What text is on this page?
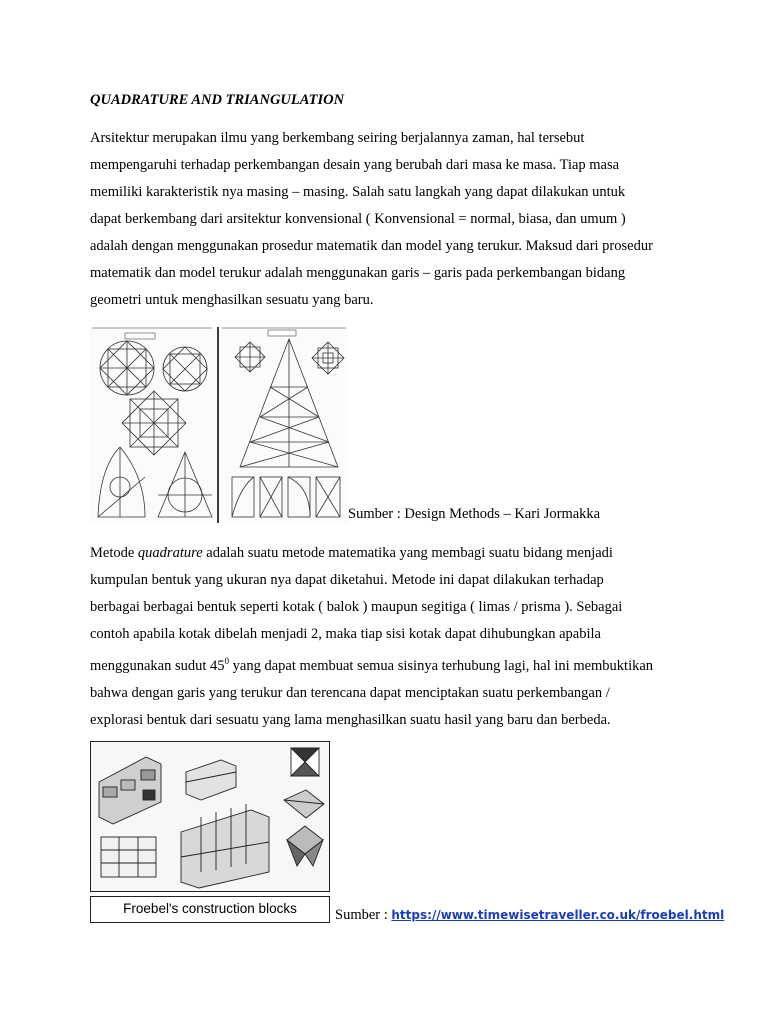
QUADRATURE AND TRIANGULATION

Arsitektur merupakan ilmu yang berkembang seiring berjalannya zaman, hal tersebut

mempengaruhi terhadap perkembangan desain yang berubah dari masa ke masa. Tiap masa

memiliki karakteristik nya masing – masing. Salah satu langkah yang dapat dilakukan untuk

dapat berkembang dari arsitektur konvensional ( Konvensional = normal, biasa, dan umum )

adalah dengan menggunakan prosedur matematik dan model yang terukur. Maksud dari prosedur

matematik dan model terukur adalah menggunakan garis – garis pada perkembangan bidang

geometri untuk menghasilkan sesuatu yang baru.

Sumber : Design Methods – Kari Jormakka

Metode quadrature adalah suatu metode matematika yang membagi suatu bidang menjadi

kumpulan bentuk yang ukuran nya dapat diketahui. Metode ini dapat dilakukan terhadap

berbagai berbagai bentuk seperti kotak ( balok ) maupun segitiga ( limas / prisma ). Sebagai

contoh apabila kotak dibelah menjadi 2, maka tiap sisi kotak dapat dihubungkan apabila

menggunakan sudut $45^0$ yang dapat membuat semua sisinya terhubung lagi, hal ini membuktikan

bahwa dengan garis yang terukur dan terencana dapat menciptakan suatu perkembangan /

explorasi bentuk dari sesuatu yang lama menghasilkan suatu hasil yang baru dan berbeda.

Froebel's construction blocks	Sumber : https://www.timewisetraveller.co.uk/froebel.html
